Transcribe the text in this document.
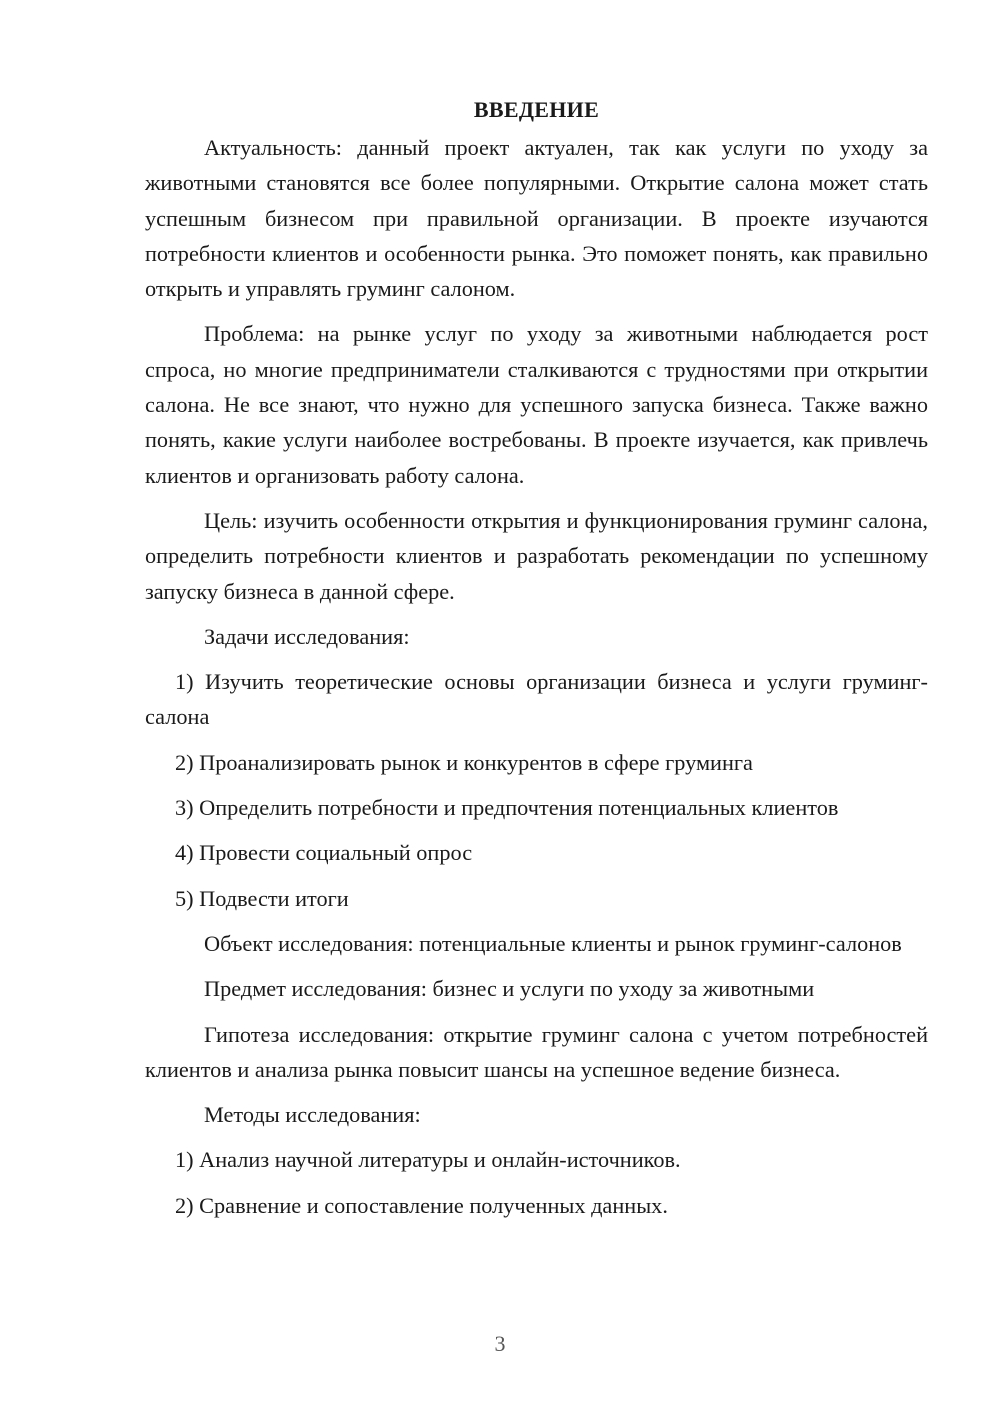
ВВЕДЕНИЕ

Актуальность: данный проект актуален, так как услуги по уходу за животными становятся все более популярными. Открытие салона может стать успешным бизнесом при правильной организации. В проекте изучаются потребности клиентов и особенности рынка. Это поможет понять, как правильно открыть и управлять груминг салоном.

Проблема: на рынке услуг по уходу за животными наблюдается рост спроса, но многие предприниматели сталкиваются с трудностями при открытии салона. Не все знают, что нужно для успешного запуска бизнеса. Также важно понять, какие услуги наиболее востребованы. В проекте изучается, как привлечь клиентов и организовать работу салона.

Цель: изучить особенности открытия и функционирования груминг салона, определить потребности клиентов и разработать рекомендации по успешному запуску бизнеса в данной сфере.

Задачи исследования:

1) Изучить теоретические основы организации бизнеса и услуги груминг-салона

2) Проанализировать рынок и конкурентов в сфере груминга

3) Определить потребности и предпочтения потенциальных клиентов

4) Провести социальный опрос

5) Подвести итоги

Объект исследования: потенциальные клиенты и рынок груминг-салонов

Предмет исследования: бизнес и услуги по уходу за животными

Гипотеза исследования: открытие груминг салона с учетом потребностей клиентов и анализа рынка повысит шансы на успешное ведение бизнеса.

Методы исследования:

1) Анализ научной литературы и онлайн-источников.

2) Сравнение и сопоставление полученных данных.

3
